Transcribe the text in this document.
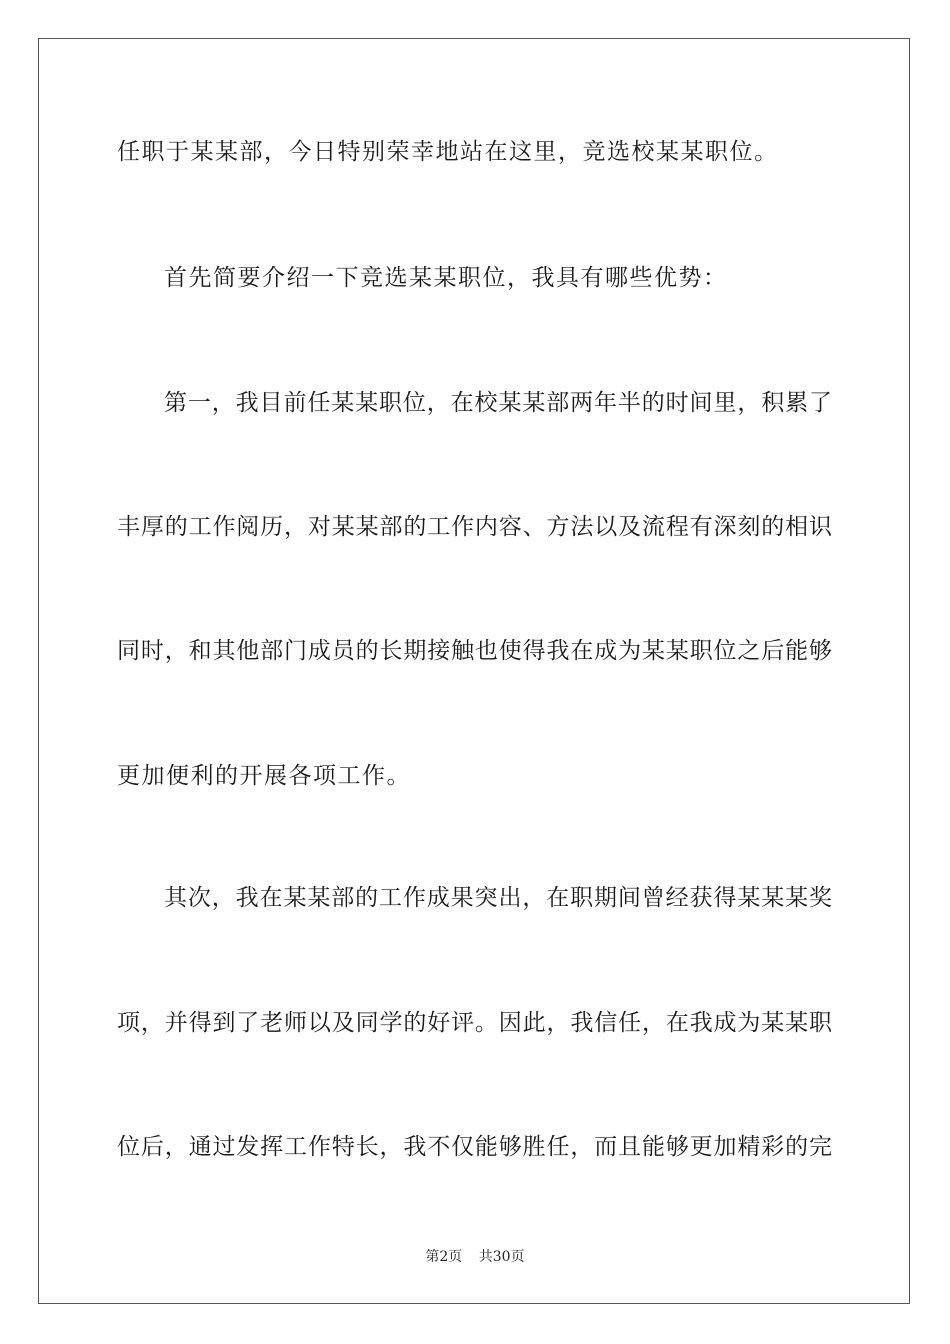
任职于某某部，今日特别荣幸地站在这里，竞选校某某职位。
首先简要介绍一下竞选某某职位，我具有哪些优势：
第一，我目前任某某职位，在校某某部两年半的时间里，积累了
丰厚的工作阅历，对某某部的工作内容、方法以及流程有深刻的相识
同时，和其他部门成员的长期接触也使得我在成为某某职位之后能够
更加便利的开展各项工作。
其次，我在某某部的工作成果突出，在职期间曾经获得某某某奖
项，并得到了老师以及同学的好评。因此，我信任，在我成为某某职
位后，通过发挥工作特长，我不仅能够胜任，而且能够更加精彩的完
第2页 共30页
